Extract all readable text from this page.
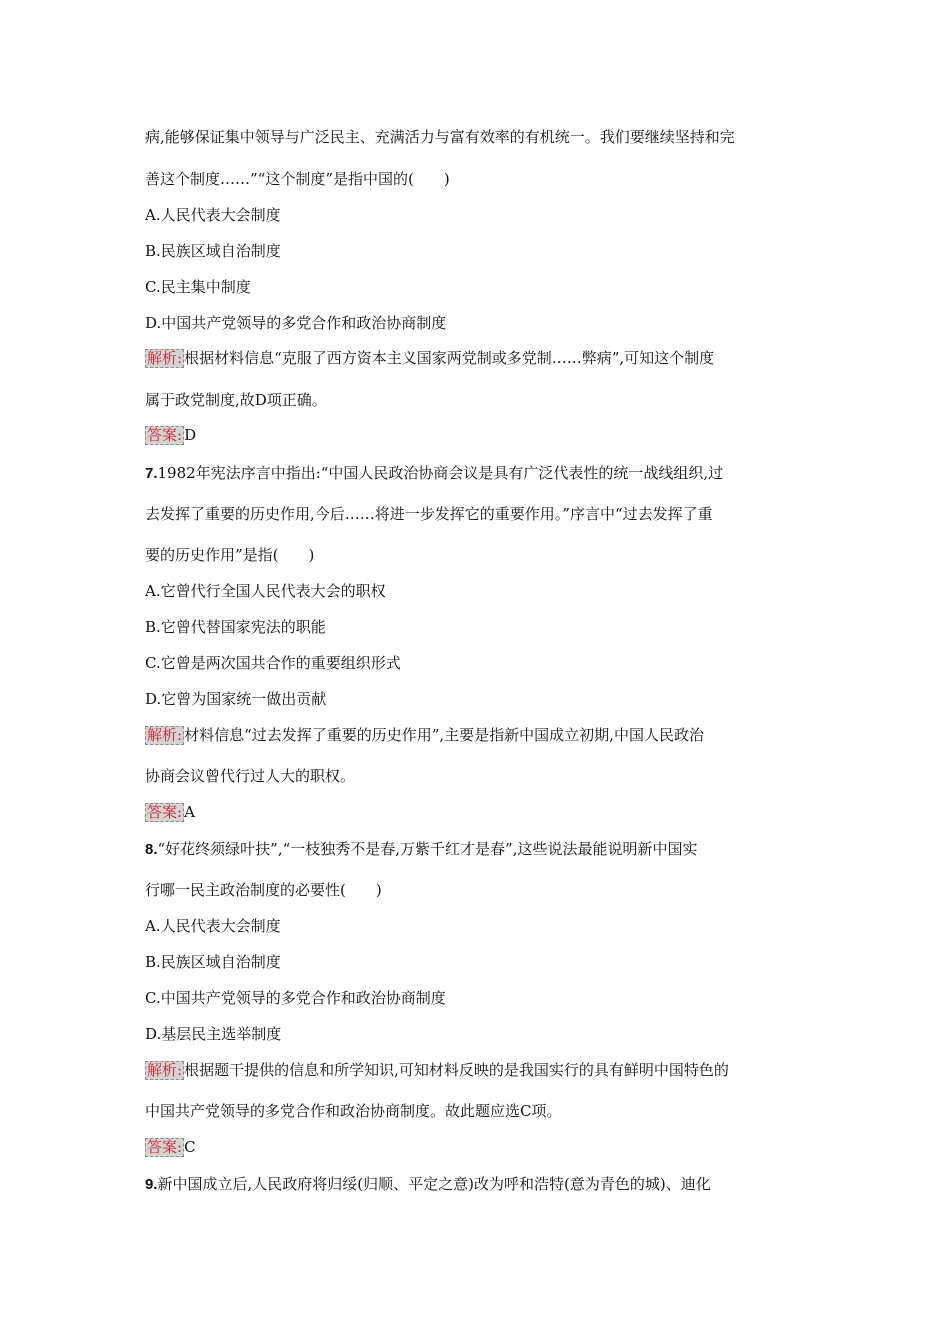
病,能够保证集中领导与广泛民主、充满活力与富有效率的有机统一。我们要继续坚持和完
善这个制度……”“这个制度”是指中国的(　　)
A.人民代表大会制度
B.民族区域自治制度
C.民主集中制度
D.中国共产党领导的多党合作和政治协商制度
解析: 根据材料信息“克服了西方资本主义国家两党制或多党制……弊病”,可知这个制度
属于政党制度,故D项正确。
答案: D
7.1982年宪法序言中指出:“中国人民政治协商会议是具有广泛代表性的统一战线组织,过
去发挥了重要的历史作用,今后……将进一步发挥它的重要作用。”序言中“过去发挥了重
要的历史作用”是指(　　)
A.它曾代行全国人民代表大会的职权
B.它曾代替国家宪法的职能
C.它曾是两次国共合作的重要组织形式
D.它曾为国家统一做出贡献
解析: 材料信息“过去发挥了重要的历史作用”,主要是指新中国成立初期,中国人民政治
协商会议曾代行过人大的职权。
答案: A
8.“好花终须绿叶扶”,“一枝独秀不是春,万紫千红才是春”,这些说法最能说明新中国实
行哪一民主政治制度的必要性(　　)
A.人民代表大会制度
B.民族区域自治制度
C.中国共产党领导的多党合作和政治协商制度
D.基层民主选举制度
解析: 根据题干提供的信息和所学知识,可知材料反映的是我国实行的具有鲜明中国特色的
中国共产党领导的多党合作和政治协商制度。故此题应选C项。
答案: C
9.新中国成立后,人民政府将归绥(归顺、平定之意)改为呼和浩特(意为青色的城)、迪化
